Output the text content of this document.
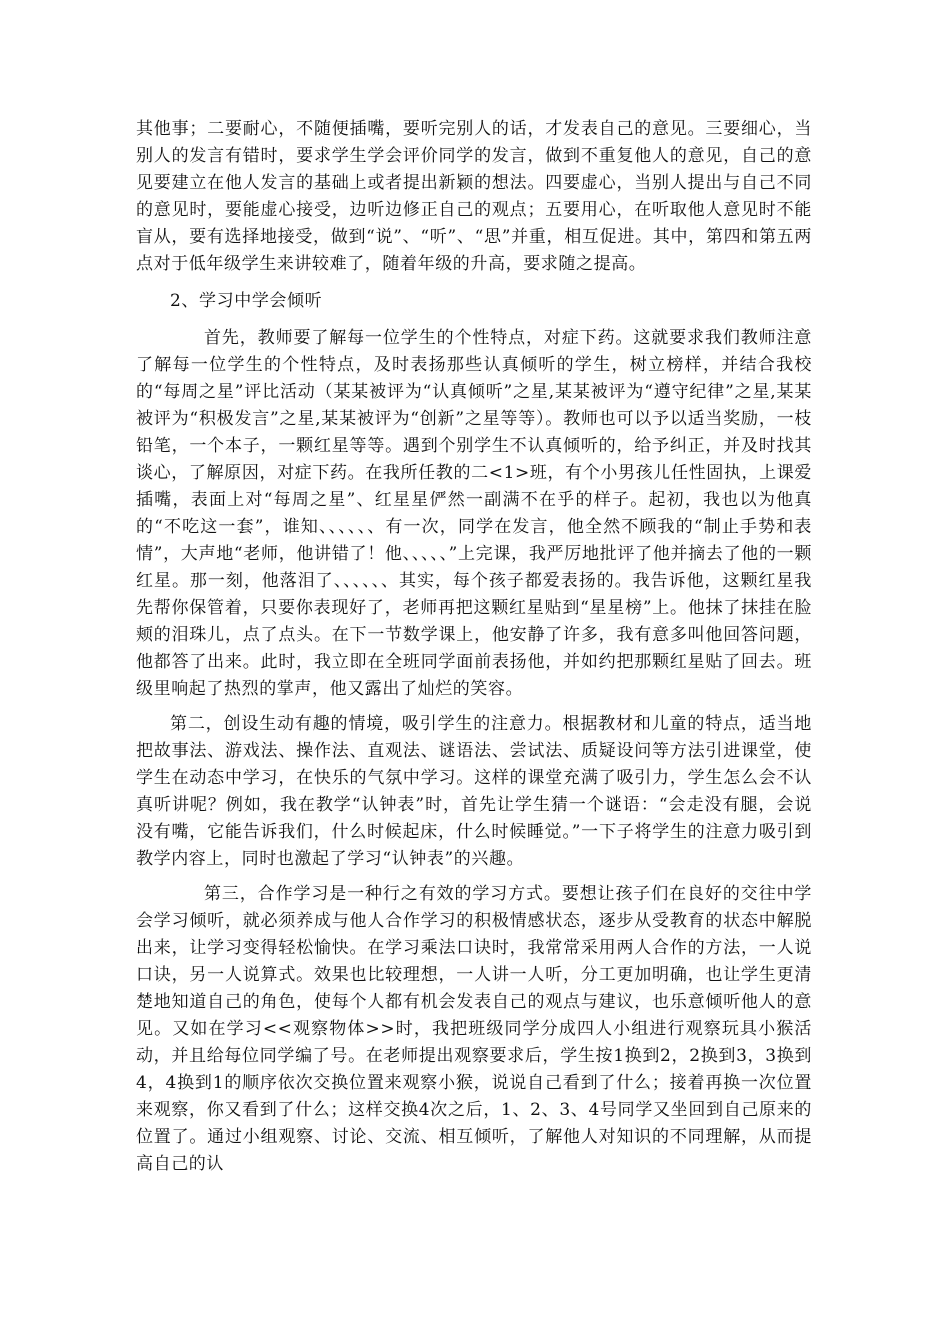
其他事；二要耐心，不随便插嘴，要听完别人的话，才发表自己的意见。三要细心，当别人的发言有错时，要求学生学会评价同学的发言，做到不重复他人的意见，自己的意见要建立在他人发言的基础上或者提出新颖的想法。四要虚心，当别人提出与自己不同的意见时，要能虚心接受，边听边修正自己的观点；五要用心，在听取他人意见时不能盲从，要有选择地接受，做到“说”、“听”、“思”并重，相互促进。其中，第四和第五两点对于低年级学生来讲较难了，随着年级的升高，要求随之提高。

2、学习中学会倾听

首先，教师要了解每一位学生的个性特点，对症下药。这就要求我们教师注意了解每一位学生的个性特点，及时表扬那些认真倾听的学生，树立榜样，并结合我校的“每周之星”评比活动（某某被评为“认真倾听”之星,某某被评为“遵守纪律”之星,某某被评为“积极发言”之星,某某被评为“创新”之星等等）。教师也可以予以适当奖励，一枝铅笔，一个本子，一颗红星等等。遇到个别学生不认真倾听的，给予纠正，并及时找其谈心，了解原因，对症下药。在我所任教的二<1>班，有个小男孩儿任性固执，上课爱插嘴，表面上对“每周之星”、红星星俨然一副满不在乎的样子。起初，我也以为他真的“不吃这一套”，谁知、、、、、、有一次，同学在发言，他全然不顾我的“制止手势和表情”，大声地“老师，他讲错了！他、、、、、”上完课，我严厉地批评了他并摘去了他的一颗红星。那一刻，他落泪了、、、、、、其实，每个孩子都爱表扬的。我告诉他，这颗红星我先帮你保管着，只要你表现好了，老师再把这颗红星贴到“星星榜”上。他抹了抹挂在脸颊的泪珠儿，点了点头。在下一节数学课上，他安静了许多，我有意多叫他回答问题，他都答了出来。此时，我立即在全班同学面前表扬他，并如约把那颗红星贴了回去。班级里响起了热烈的掌声，他又露出了灿烂的笑容。

第二，创设生动有趣的情境，吸引学生的注意力。根据教材和儿童的特点，适当地把故事法、游戏法、操作法、直观法、谜语法、尝试法、质疑设问等方法引进课堂，使学生在动态中学习，在快乐的气氛中学习。这样的课堂充满了吸引力，学生怎么会不认真听讲呢？例如，我在教学“认钟表”时，首先让学生猜一个谜语：“会走没有腿，会说没有嘴，它能告诉我们，什么时候起床，什么时候睡觉。”一下子将学生的注意力吸引到教学内容上，同时也激起了学习“认钟表”的兴趣。

第三，合作学习是一种行之有效的学习方式。要想让孩子们在良好的交往中学会学习倾听，就必须养成与他人合作学习的积极情感状态，逐步从受教育的状态中解脱出来，让学习变得轻松愉快。在学习乘法口诀时，我常常采用两人合作的方法，一人说口诀，另一人说算式。效果也比较理想，一人讲一人听，分工更加明确，也让学生更清楚地知道自己的角色，使每个人都有机会发表自己的观点与建议，也乐意倾听他人的意见。又如在学习<<观察物体>>时，我把班级同学分成四人小组进行观察玩具小猴活动，并且给每位同学编了号。在老师提出观察要求后，学生按1换到2，2换到3，3换到4，4换到1的顺序依次交换位置来观察小猴，说说自己看到了什么；接着再换一次位置来观察，你又看到了什么；这样交换4次之后，1、2、3、4号同学又坐回到自己原来的位置了。通过小组观察、讨论、交流、相互倾听，了解他人对知识的不同理解，从而提高自己的认
